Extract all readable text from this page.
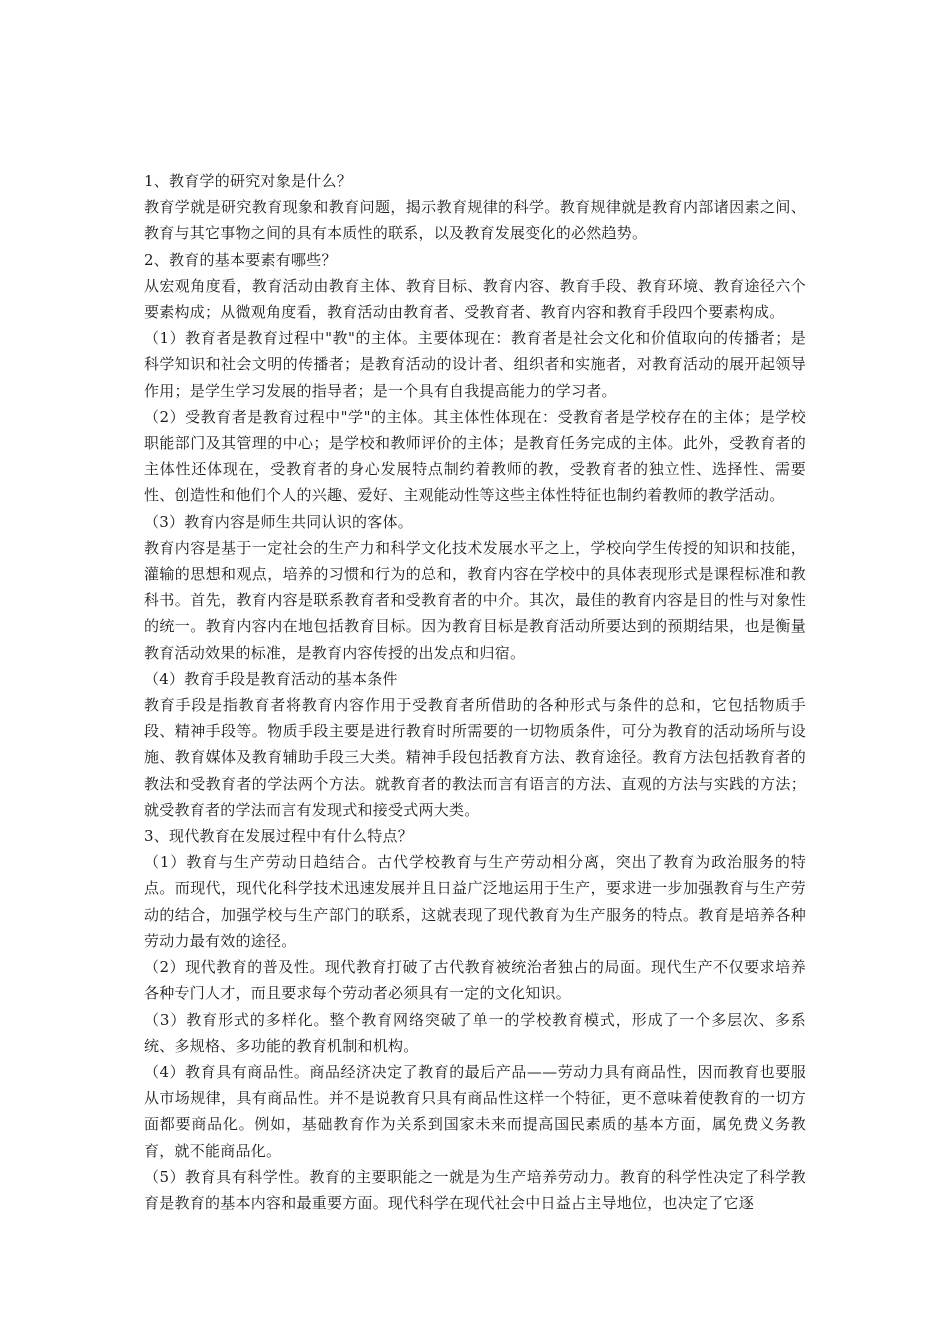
1、教育学的研究对象是什么？

教育学就是研究教育现象和教育问题，揭示教育规律的科学。教育规律就是教育内部诸因素之间、教育与其它事物之间的具有本质性的联系，以及教育发展变化的必然趋势。

2、教育的基本要素有哪些？

从宏观角度看，教育活动由教育主体、教育目标、教育内容、教育手段、教育环境、教育途径六个要素构成；从微观角度看，教育活动由教育者、受教育者、教育内容和教育手段四个要素构成。

（1）教育者是教育过程中"教"的主体。主要体现在：教育者是社会文化和价值取向的传播者；是科学知识和社会文明的传播者；是教育活动的设计者、组织者和实施者，对教育活动的展开起领导作用；是学生学习发展的指导者；是一个具有自我提高能力的学习者。

（2）受教育者是教育过程中"学"的主体。其主体性体现在：受教育者是学校存在的主体；是学校职能部门及其管理的中心；是学校和教师评价的主体；是教育任务完成的主体。此外，受教育者的主体性还体现在，受教育者的身心发展特点制约着教师的教，受教育者的独立性、选择性、需要性、创造性和他们个人的兴趣、爱好、主观能动性等这些主体性特征也制约着教师的教学活动。

（3）教育内容是师生共同认识的客体。

教育内容是基于一定社会的生产力和科学文化技术发展水平之上，学校向学生传授的知识和技能，灌输的思想和观点，培养的习惯和行为的总和，教育内容在学校中的具体表现形式是课程标准和教科书。首先，教育内容是联系教育者和受教育者的中介。其次，最佳的教育内容是目的性与对象性的统一。教育内容内在地包括教育目标。因为教育目标是教育活动所要达到的预期结果，也是衡量教育活动效果的标准，是教育内容传授的出发点和归宿。

（4）教育手段是教育活动的基本条件

教育手段是指教育者将教育内容作用于受教育者所借助的各种形式与条件的总和，它包括物质手段、精神手段等。物质手段主要是进行教育时所需要的一切物质条件，可分为教育的活动场所与设施、教育媒体及教育辅助手段三大类。精神手段包括教育方法、教育途径。教育方法包括教育者的教法和受教育者的学法两个方法。就教育者的教法而言有语言的方法、直观的方法与实践的方法；就受教育者的学法而言有发现式和接受式两大类。

3、现代教育在发展过程中有什么特点？

（1）教育与生产劳动日趋结合。古代学校教育与生产劳动相分离，突出了教育为政治服务的特点。而现代，现代化科学技术迅速发展并且日益广泛地运用于生产，要求进一步加强教育与生产劳动的结合，加强学校与生产部门的联系，这就表现了现代教育为生产服务的特点。教育是培养各种劳动力最有效的途径。

（2）现代教育的普及性。现代教育打破了古代教育被统治者独占的局面。现代生产不仅要求培养各种专门人才，而且要求每个劳动者必须具有一定的文化知识。

（3）教育形式的多样化。整个教育网络突破了单一的学校教育模式，形成了一个多层次、多系统、多规格、多功能的教育机制和机构。

（4）教育具有商品性。商品经济决定了教育的最后产品——劳动力具有商品性，因而教育也要服从市场规律，具有商品性。并不是说教育只具有商品性这样一个特征，更不意味着使教育的一切方面都要商品化。例如，基础教育作为关系到国家未来而提高国民素质的基本方面，属免费义务教育，就不能商品化。

（5）教育具有科学性。教育的主要职能之一就是为生产培养劳动力。教育的科学性决定了科学教育是教育的基本内容和最重要方面。现代科学在现代社会中日益占主导地位，也决定了它逐
